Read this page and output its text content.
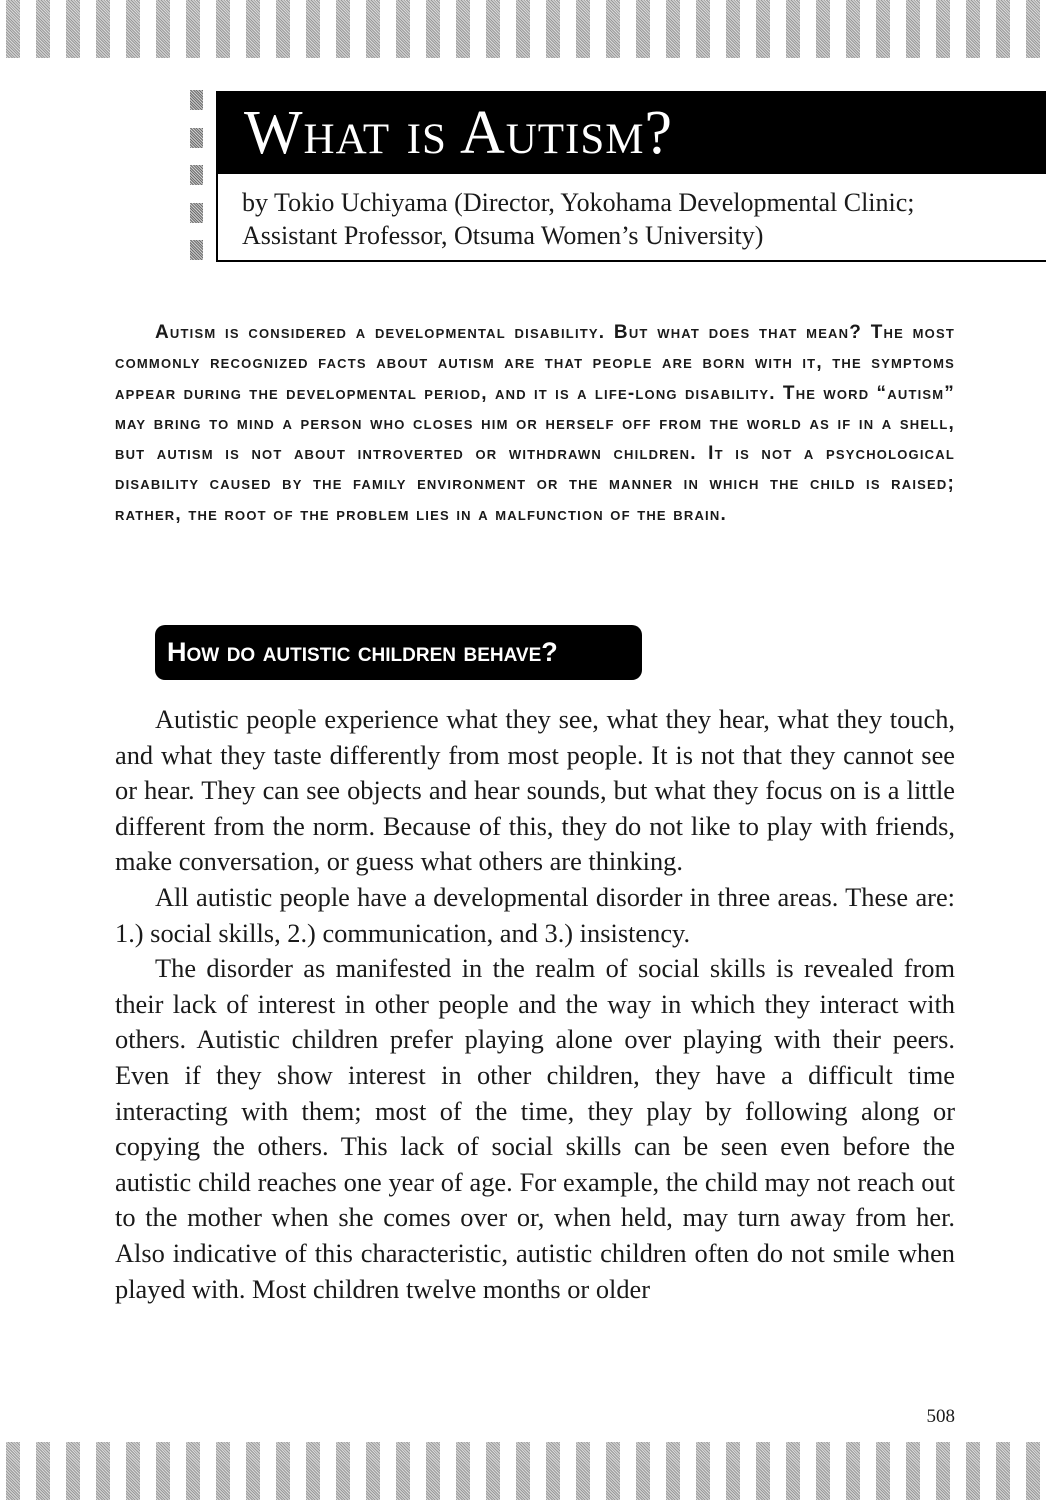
What is Autism?

by Tokio Uchiyama (Director, Yokohama Developmental Clinic; Assistant Professor, Otsuma Women’s University)

Autism is considered a developmental disability. But what does that mean? The most commonly recognized facts about autism are that people are born with it, the symptoms appear during the developmental period, and it is a life-long disability. The word “autism” may bring to mind a person who closes him or herself off from the world as if in a shell, but autism is not about introverted or withdrawn children. It is not a psychological disability caused by the family environment or the manner in which the child is raised; rather, the root of the problem lies in a malfunction of the brain.

How do autistic children behave?

Autistic people experience what they see, what they hear, what they touch, and what they taste differently from most people. It is not that they cannot see or hear. They can see objects and hear sounds, but what they focus on is a little different from the norm. Because of this, they do not like to play with friends, make conversation, or guess what others are thinking.

All autistic people have a developmental disorder in three areas. These are: 1.) social skills, 2.) communication, and 3.) insistency.

The disorder as manifested in the realm of social skills is revealed from their lack of interest in other people and the way in which they interact with others. Autistic children prefer playing alone over playing with their peers. Even if they show interest in other children, they have a difficult time interacting with them; most of the time, they play by following along or copying the others. This lack of social skills can be seen even before the autistic child reaches one year of age. For example, the child may not reach out to the mother when she comes over or, when held, may turn away from her. Also indicative of this characteristic, autistic children often do not smile when played with. Most children twelve months or older

508
